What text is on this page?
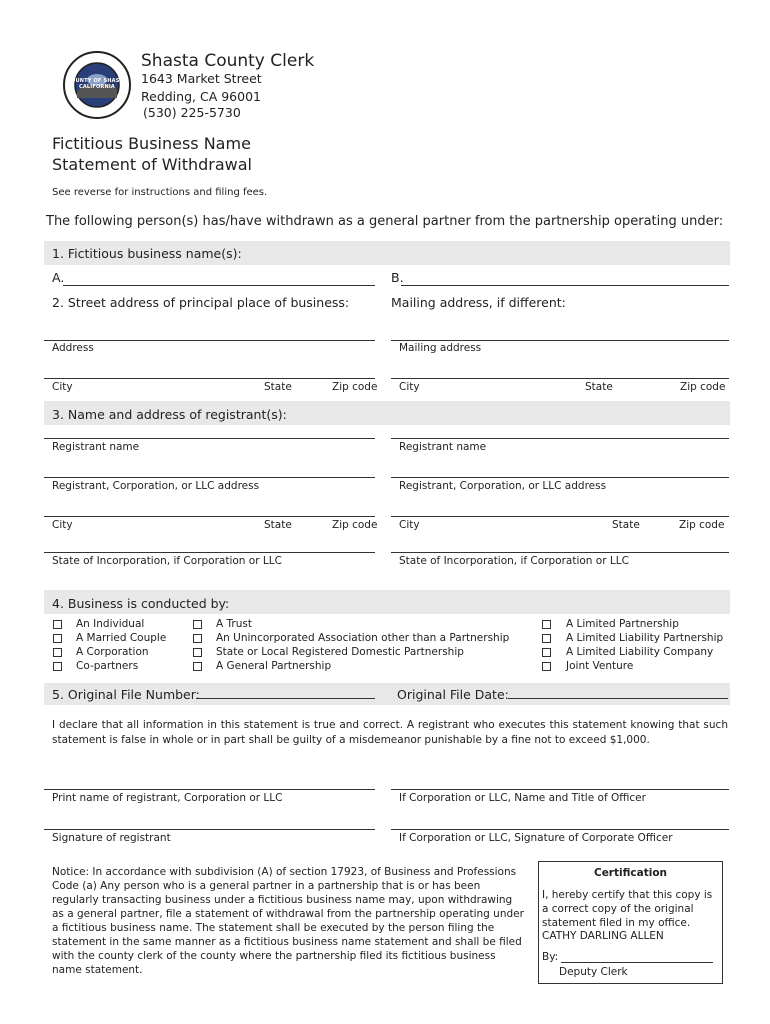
COUNTY OF SHASTA CALIFORNIA
Shasta County Clerk
1643 Market Street
Redding, CA 96001
(530) 225-5730
Fictitious Business Name
Statement of Withdrawal
See reverse for instructions and filing fees.
The following person(s) has/have withdrawn as a general partner from the partnership operating under:
1. Fictitious business name(s):
A.	B.
2. Street address of principal place of business:	Mailing address, if different:
Address	Mailing address
City	State	Zip code City	State	Zip code
3. Name and address of registrant(s):
Registrant name	Registrant name
Registrant, Corporation, or LLC address	Registrant, Corporation, or LLC address
City	State	Zip code City	State	Zip code
State of Incorporation, if Corporation or LLC	State of Incorporation, if Corporation or LLC
4. Business is conducted by:
An Individual
A Married Couple
A Corporation
Co-partners
A Trust
An Unincorporated Association other than a Partnership
State or Local Registered Domestic Partnership
A General Partnership
A Limited Partnership
A Limited Liability Partnership
A Limited Liability Company
Joint Venture
5. Original File Number:	Original File Date:
I declare that all information in this statement is true and correct. A registrant who executes this statement knowing that such statement is false in whole or in part shall be guilty of a misdemeanor punishable by a fine not to exceed $1,000.
Print name of registrant, Corporation or LLC	If Corporation or LLC, Name and Title of Officer
Signature of registrant	If Corporation or LLC, Signature of Corporate Officer
Notice: In accordance with subdivision (A) of section 17923, of Business and Professions Code (a) Any person who is a general partner in a partnership that is or has been regularly transacting business under a fictitious business name may, upon withdrawing as a general partner, file a statement of withdrawal from the partnership operating under a fictitious business name. The statement shall be executed by the person filing the statement in the same manner as a fictitious business name statement and shall be filed with the county clerk of the county where the partnership filed its fictitious business name statement.
Certification
I, hereby certify that this copy is a correct copy of the original statement filed in my office.
CATHY DARLING ALLEN
By:
Deputy Clerk
